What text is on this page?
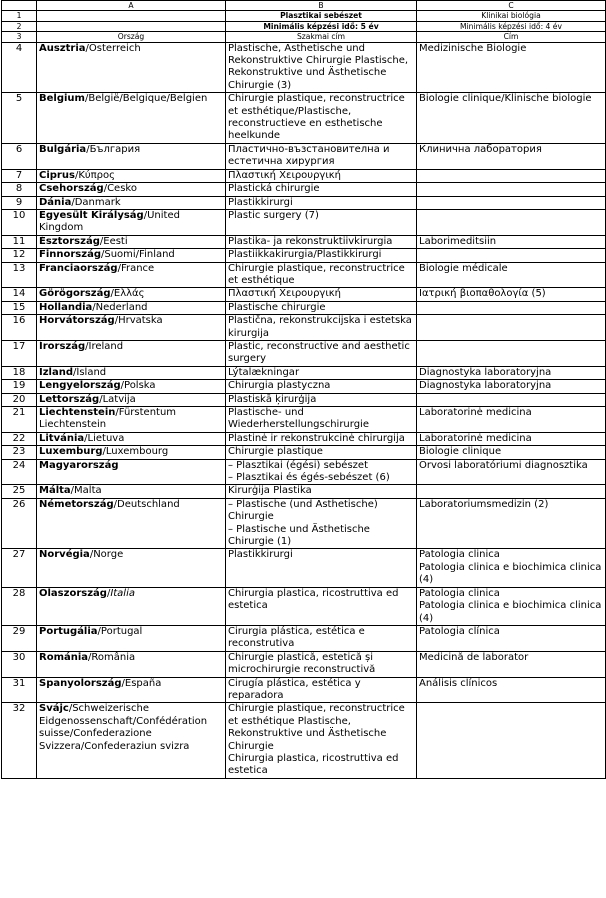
	A	B	C
1		Plasztikai sebészet	Klinikai biológia
2		Minimális képzési idő: 5 év	Minimális képzési idő: 4 év
3	Ország	Szakmai cím	Cím
4	Ausztria/Österreich	Plastische, Ästhetische und Rekonstruktive Chirurgie Plastische, Rekonstruktive und Ästhetische Chirurgie (3)	Medizinische Biologie
5	Belgium/België/Belgique/Belgien	Chirurgie plastique, reconstructrice et esthétique/Plastische, reconstructieve en esthetische heelkunde	Biologie clinique/Klinische biologie
6	Bulgária/България	Пластично-възстановителна и естетична хирургия	Клинична лаборатория
7	Ciprus/Κύπρος	Πλαστική Χειρουργική	
8	Csehország/Česko	Plastická chirurgie	
9	Dánia/Danmark	Plastikkirurgi	
10	Egyesült Királyság/United Kingdom	Plastic surgery (7)	
11	Észtország/Eesti	Plastika- ja rekonstruktiivkirurgia	Laborimeditsiin
12	Finnország/Suomi/Finland	Plastiikkakirurgia/Plastikkirurgi	
13	Franciaország/France	Chirurgie plastique, reconstructrice et esthétique	Biologie médicale
14	Görögország/Ελλάς	Πλαστική Χειρουργική	Ιατρική βιοπαθολογία (5)
15	Hollandia/Nederland	Plastische chirurgie	
16	Horvátország/Hrvatska	Plastična, rekonstrukcijska i estetska kirurgija	
17	Írország/Ireland	Plastic, reconstructive and aesthetic surgery	
18	Izland/Ísland	Lýtalækningar	Diagnostyka laboratoryjna
19	Lengyelország/Polska	Chirurgia plastyczna	Diagnostyka laboratoryjna
20	Lettország/Latvija	Plastiskā ķirurģija	
21	Liechtenstein/Fürstentum Liechtenstein	Plastische- und Wiederherstellungschirurgie	Laboratorinė medicina
22	Litvánia/Lietuva	Plastinė ir rekonstrukcinė chirurgija	Laboratorinė medicina
23	Luxemburg/Luxembourg	Chirurgie plastique	Biologie clinique
24	Magyarország	– Plasztikai (égési) sebészet
– Plasztikai és égés-sebészet (6)	Orvosi laboratóriumi diagnosztika
25	Málta/Malta	Kirurġija Plastika	
26	Németország/Deutschland	– Plastische (und Ästhetische) Chirurgie
– Plastische und Ästhetische Chirurgie (1)	Laboratoriumsmedizin (2)
27	Norvégia/Norge	Plastikkirurgi	Patologia clinica
Patologia clinica e biochimica clinica (4)
28	Olaszország/Italia	Chirurgia plastica, ricostruttiva ed estetica	Patologia clinica
Patologia clinica e biochimica clinica (4)
29	Portugália/Portugal	Cirurgia plástica, estética e reconstrutiva	Patologia clínica
30	Románia/România	Chirurgie plastică, estetică și microchirurgie reconstructivă	Medicină de laborator
31	Spanyolország/España	Cirugía plástica, estética y reparadora	Análisis clínicos
32	Svájc/Schweizerische Eidgenossenschaft/Confédération suisse/Confederazione Svizzera/Confederaziun svizra	Chirurgie plastique, reconstructrice et esthétique Plastische, Rekonstruktive und Ästhetische Chirurgie
Chirurgia plastica, ricostruttiva ed estetica	
